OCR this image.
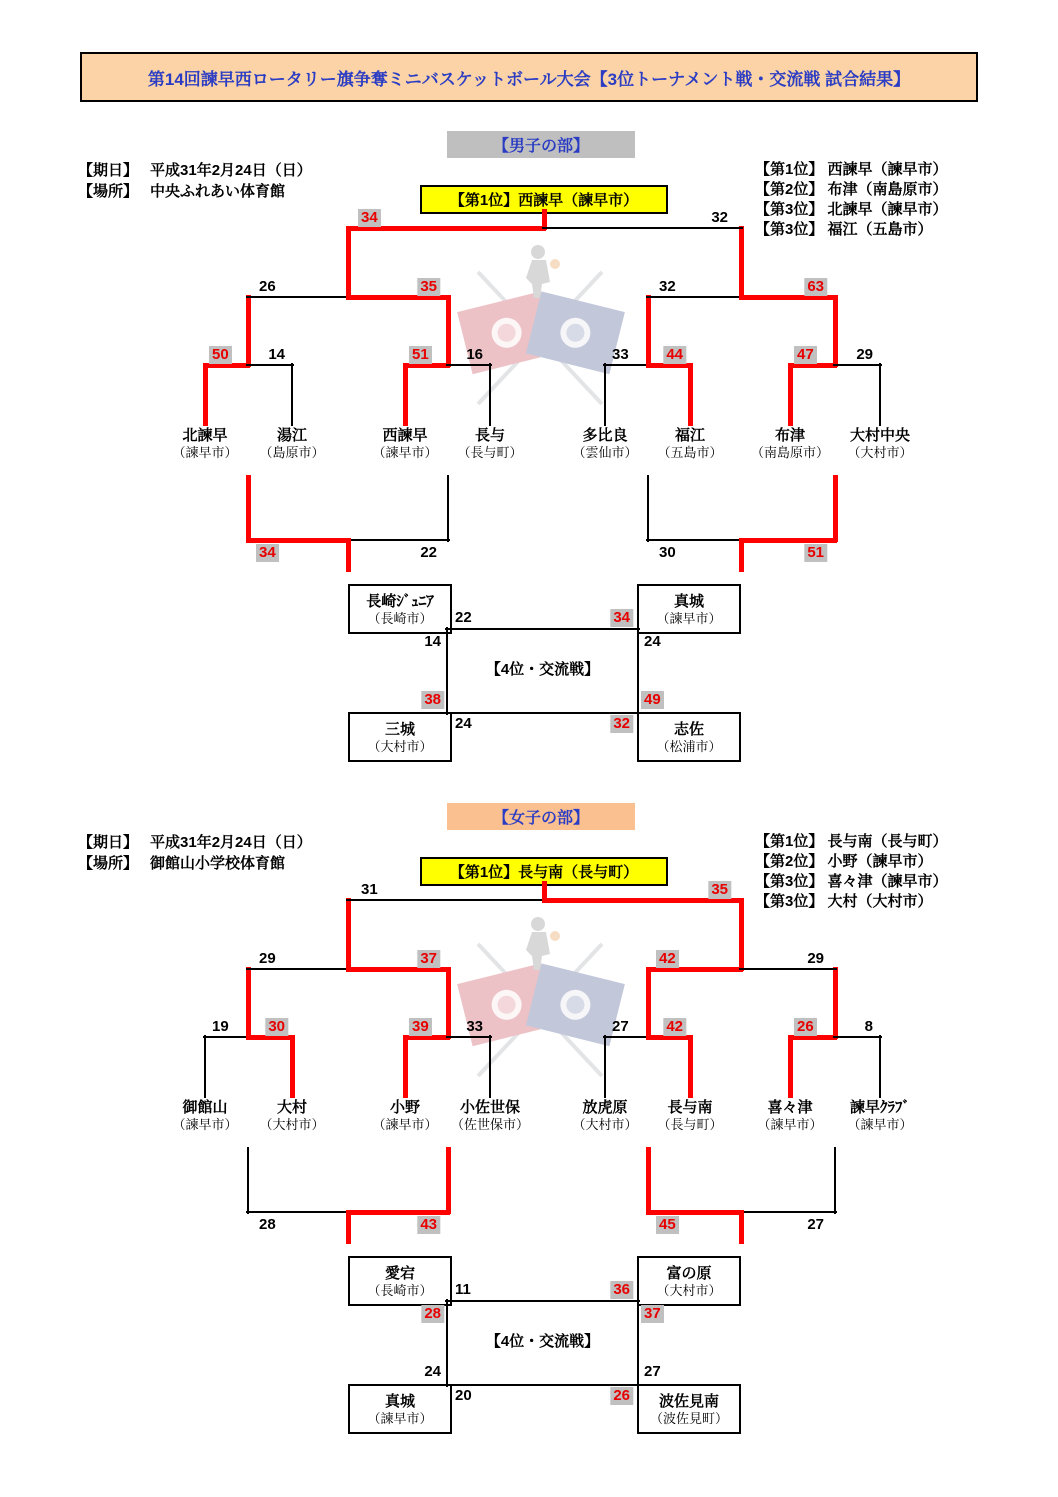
第14回諫早西ロータリー旗争奪ミニバスケットボール大会【3位トーナメント戦・交流戦 試合結果】
【男子の部】
【期日】 平成31年2月24日（日）
【場所】 中央ふれあい体育館
【第1位】西諫早（諫早市）
【第1位】 西諫早（諫早市）
【第2位】 布津（南島原市）
【第3位】 北諫早（諫早市）
【第3位】 福江（五島市）
【女子の部】
【期日】 平成31年2月24日（日）
【場所】 御館山小学校体育館
【第1位】長与南（長与町）
【第1位】 長与南（長与町）
【第2位】 小野（諫早市）
【第3位】 喜々津（諫早市）
【第3位】 大村（大村市）
34	32
26	35	32	63
50	14	51	16	33	44	47	29
北諫早
（諫早市）
湯江
（島原市）
西諫早
（諫早市）
長与
（長与町）
多比良
（雲仙市）
福江
（五島市）
布津
（南島原市）
大村中央
（大村市）
34	22	30	51
長崎ｼﾞｭﾆｱ
（長崎市）
真城
（諫早市）
三城
（大村市）
志佐
（松浦市）
【4位・交流戦】
22	34
14
38
24
49
24	32
31	35
29	37	42	29
19	30	39	33	27	42	26	8
御館山
（諫早市）
大村
（大村市）
小野
（諫早市）
小佐世保
（佐世保市）
放虎原
（大村市）
長与南
（長与町）
喜々津
（諫早市）
諫早ｸﾗﾌﾞ
（諫早市）
28	43	45	27
愛宕
（長崎市）
富の原
（大村市）
真城
（諫早市）
波佐見南
（波佐見町）
【4位・交流戦】
11	36
28
24
37
27
20	26
